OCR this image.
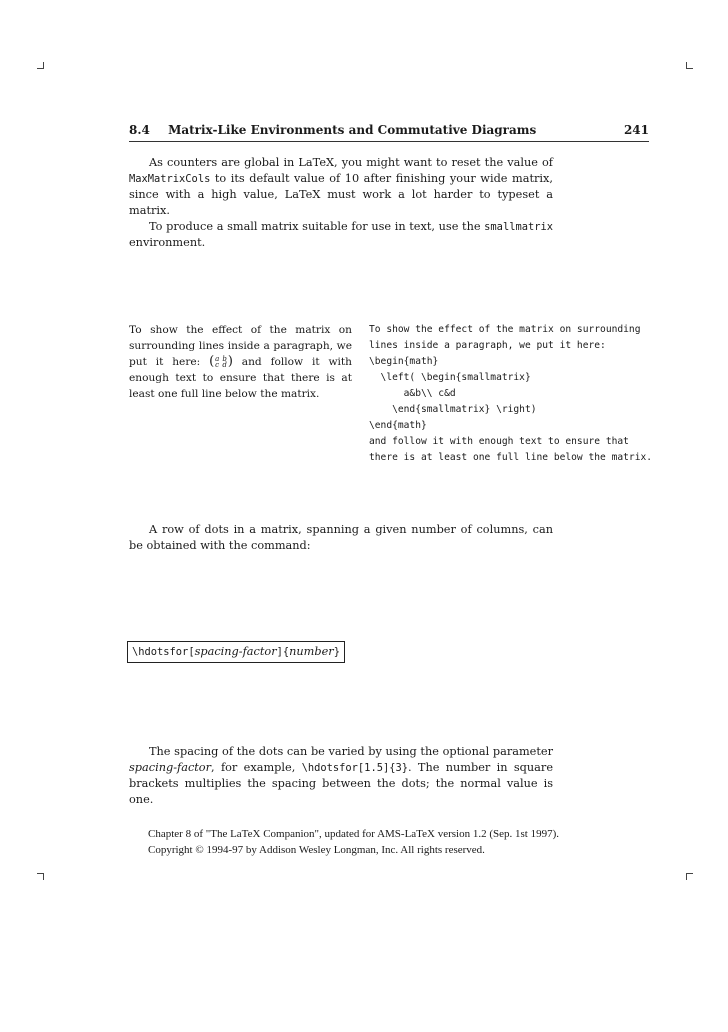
8.4 Matrix-Like Environments and Commutative Diagrams	241
As counters are global in LaTeX, you might want to reset the value of MaxMatrixCols to its default value of 10 after finishing your wide matrix, since with a high value, LaTeX must work a lot harder to typeset a matrix.
To produce a small matrix suitable for use in text, use the smallmatrix environment.
To show the effect of the matrix on surrounding lines inside a paragraph, we put it here: ( a b
c d ) and follow it with enough text to ensure that there is at least one full line below the matrix.
To show the effect of the matrix on surrounding
lines inside a paragraph, we put it here:
\begin{math}
\left( \begin{smallmatrix}
a&b\\ c&d
\end{smallmatrix} \right)
\end{math}
and follow it with enough text to ensure that
there is at least one full line below the matrix.
A row of dots in a matrix, spanning a given number of columns, can be obtained with the command:
\hdotsfor[spacing-factor]{number}
The spacing of the dots can be varied by using the optional parameter spacing-factor, for example, \hdotsfor[1.5]{3}. The number in square brackets multiplies the spacing between the dots; the normal value is one.
Chapter 8 of "The LaTeX Companion", updated for AMS-LaTeX version 1.2 (Sep. 1st 1997).
Copyright © 1994-97 by Addison Wesley Longman, Inc. All rights reserved.
